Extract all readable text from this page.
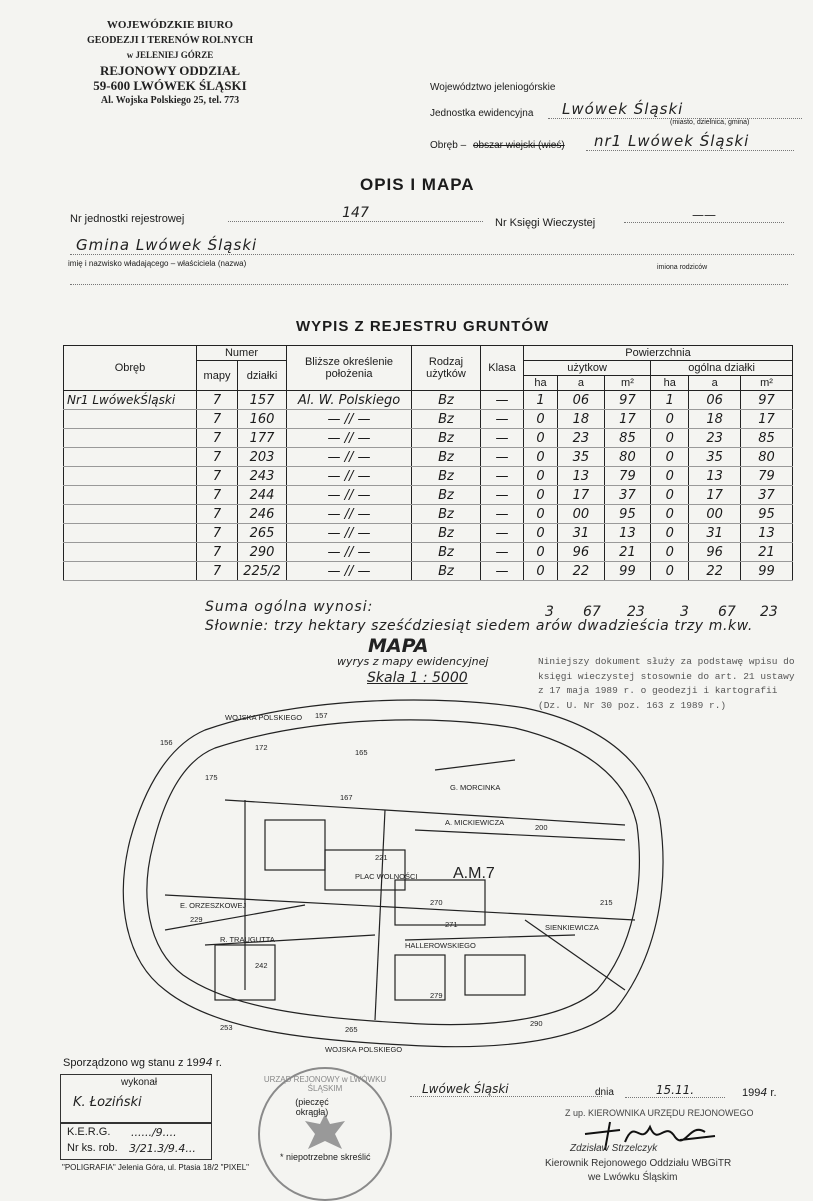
WOJEWÓDZKIE BIURO
GEODEZJI I TERENÓW ROLNYCH
w JELENIEJ GÓRZE
REJONOWY ODDZIAŁ
59-600 LWÓWEK ŚLĄSKI
Al. Wojska Polskiego 25, tel. 773
Województwo jeleniogórskie
Jednostka ewidencyjna	Lwówek Śląski
(miasto, dzielnica, gmina)
Obręb – obszar wiejski (wieś)	nr1 Lwówek Śląski
OPIS I MAPA
Nr jednostki rejestrowej	147
Nr Księgi Wieczystej
——
Gmina Lwówek Śląski
imię i nazwisko władającego – właściciela (nazwa)	imiona rodziców
WYPIS Z REJESTRU GRUNTÓW
Obręb	Numer		Bliższe określenie położenia	Rodzaj użytków	Klasa	Powierzchnia					
	mapy	działki				użytkow			ogólna działki		
						ha	a	m²	ha	a	m²
Nr1 LwówekŚląski	7	157	Al. W. Polskiego	Bz	—	1	06	97	1	06	97
	7	160	— // —	Bz	—	0	18	17	0	18	17
	7	177	— // —	Bz	—	0	23	85	0	23	85
	7	203	— // —	Bz	—	0	35	80	0	35	80
	7	243	— // —	Bz	—	0	13	79	0	13	79
	7	244	— // —	Bz	—	0	17	37	0	17	37
	7	246	— // —	Bz	—	0	00	95	0	00	95
	7	265	— // —	Bz	—	0	31	13	0	31	13
	7	290	— // —	Bz	—	0	96	21	0	96	21
	7	225/2	— // —	Bz	—	0	22	99	0	22	99
Suma ogólna wynosi:	3 67 23	3 67 23
Słownie: trzy hektary sześćdziesiąt siedem arów dwadzieścia trzy m.kw.
MAPA
wyrys z mapy ewidencyjnej
Skala 1 : 5000
Niniejszy dokument służy za podstawę wpisu do księgi wieczystej stosownie do art. 21 ustawy z 17 maja 1989 r. o geodezji i kartografii (Dz. U. Nr 30 poz. 163 z 1989 r.)
WOJSKA POLSKIEGO
WOJSKA POLSKIEGO
PLAC WOLNOŚCI
G. MORCINKA
A. MICKIEWICZA
E. ORZESZKOWEJ
R. TRAUGUTTA
HALLEROWSKIEGO
SIENKIEWICZA
A.M.7
156
157
172
175
165
167
221
270
271
229
242
279
290
265
253
215
200
Sporządzono wg stanu z 1994 r.
wykonał
K. Łoziński
K.E.R.G. ....../9....
Nr ks. rob. 3/21.3/9.4...
"POLIGRAFIA" Jelenia Góra, ul. Ptasia 18/2 "PIXEL"
URZĄD REJONOWY w LWÓWKU ŚLĄSKIM
(pieczęć okrągła)
* niepotrzebne skreślić
Lwówek Śląski	dnia	15.11.	1994 r.
Z up. KIEROWNIKA URZĘDU REJONOWEGO
Zdzisław Strzelczyk
Kierownik Rejonowego Oddziału WBGiTR
we Lwówku Śląskim
